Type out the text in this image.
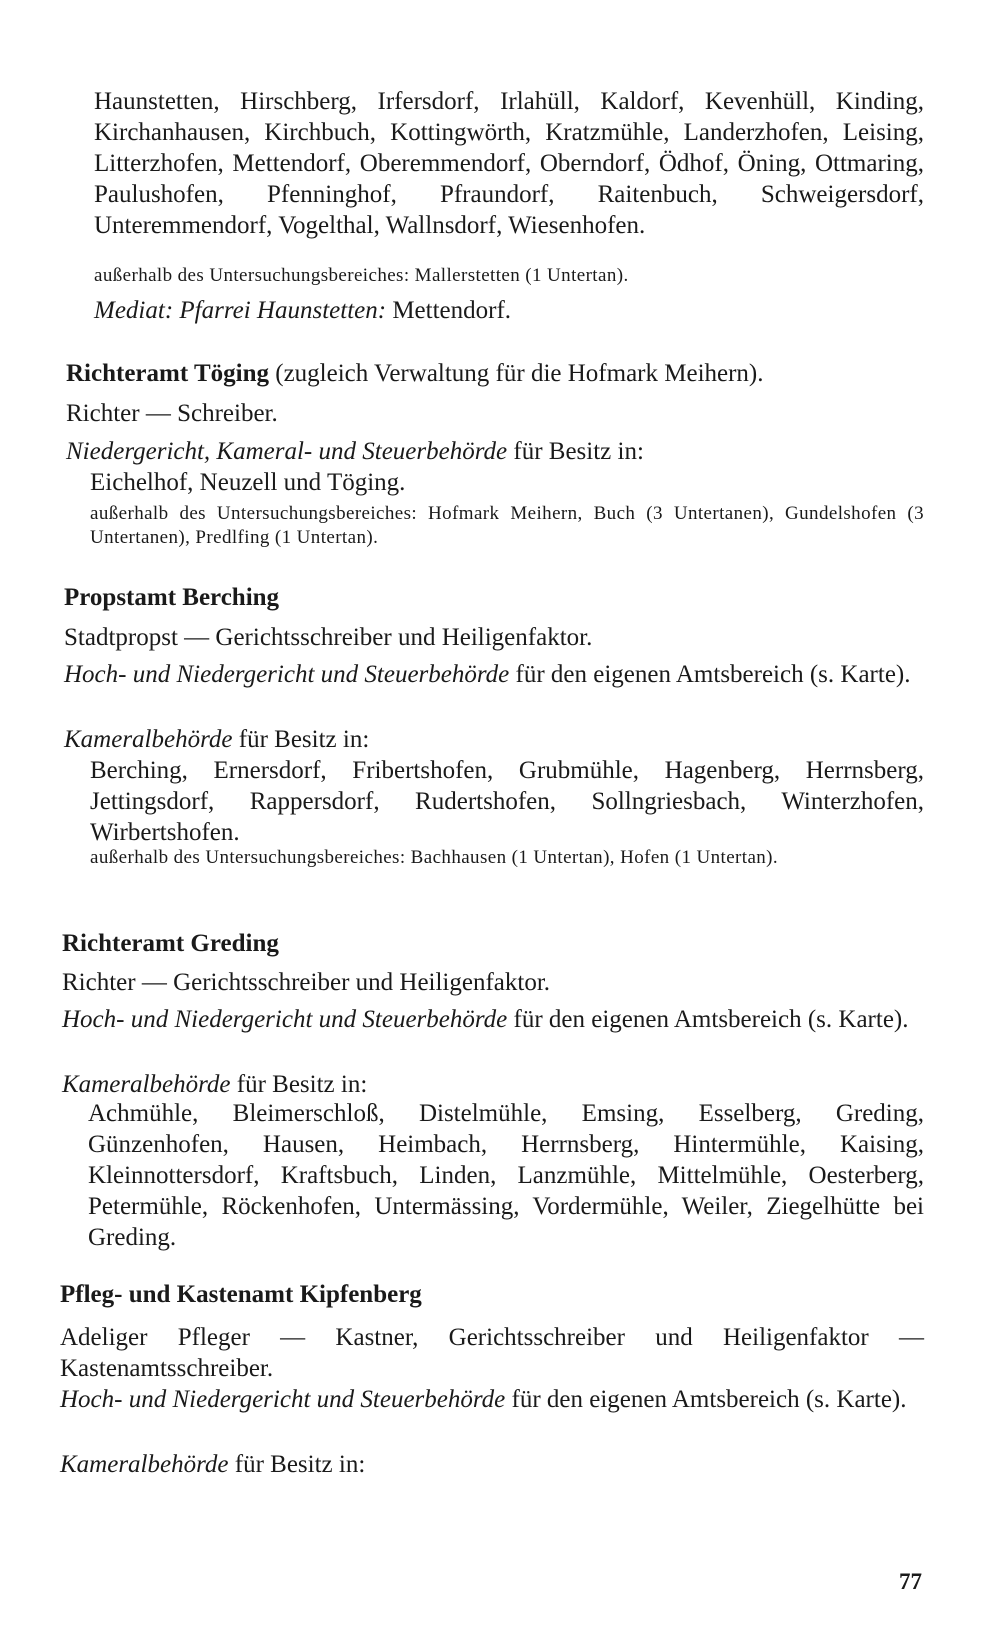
Haunstetten, Hirschberg, Irfersdorf, Irlahüll, Kaldorf, Kevenhüll, Kinding, Kirchanhausen, Kirchbuch, Kottingwörth, Kratzmühle, Landerzhofen, Leising, Litterzhofen, Mettendorf, Oberemmendorf, Oberndorf, Ödhof, Öning, Ottmaring, Paulushofen, Pfenninghof, Pfraundorf, Raitenbuch, Schweigersdorf, Unteremmendorf, Vogelthal, Wallnsdorf, Wiesenhofen.

außerhalb des Untersuchungsbereiches: Mallerstetten (1 Untertan).

Mediat: Pfarrei Haunstetten: Mettendorf.

Richteramt Töging (zugleich Verwaltung für die Hofmark Meihern).

Richter — Schreiber.

Niedergericht, Kameral- und Steuerbehörde für Besitz in:

Eichelhof, Neuzell und Töging.

außerhalb des Untersuchungsbereiches: Hofmark Meihern, Buch (3 Untertanen), Gundelshofen (3 Untertanen), Predlfing (1 Untertan).

Propstamt Berching

Stadtpropst — Gerichtsschreiber und Heiligenfaktor.

Hoch- und Niedergericht und Steuerbehörde für den eigenen Amtsbereich (s. Karte).

Kameralbehörde für Besitz in:

Berching, Ernersdorf, Fribertshofen, Grubmühle, Hagenberg, Herrnsberg, Jettingsdorf, Rappersdorf, Rudertshofen, Sollngriesbach, Winterzhofen, Wirbertshofen.

außerhalb des Untersuchungsbereiches: Bachhausen (1 Untertan), Hofen (1 Untertan).

Richteramt Greding

Richter — Gerichtsschreiber und Heiligenfaktor.

Hoch- und Niedergericht und Steuerbehörde für den eigenen Amtsbereich (s. Karte).

Kameralbehörde für Besitz in:

Achmühle, Bleimerschloß, Distelmühle, Emsing, Esselberg, Greding, Günzenhofen, Hausen, Heimbach, Herrnsberg, Hintermühle, Kaising, Kleinnottersdorf, Kraftsbuch, Linden, Lanzmühle, Mittelmühle, Oesterberg, Petermühle, Röckenhofen, Untermässing, Vordermühle, Weiler, Ziegelhütte bei Greding.

Pfleg- und Kastenamt Kipfenberg

Adeliger Pfleger — Kastner, Gerichtsschreiber und Heiligenfaktor — Kastenamtsschreiber.

Hoch- und Niedergericht und Steuerbehörde für den eigenen Amtsbereich (s. Karte).

Kameralbehörde für Besitz in:

77
